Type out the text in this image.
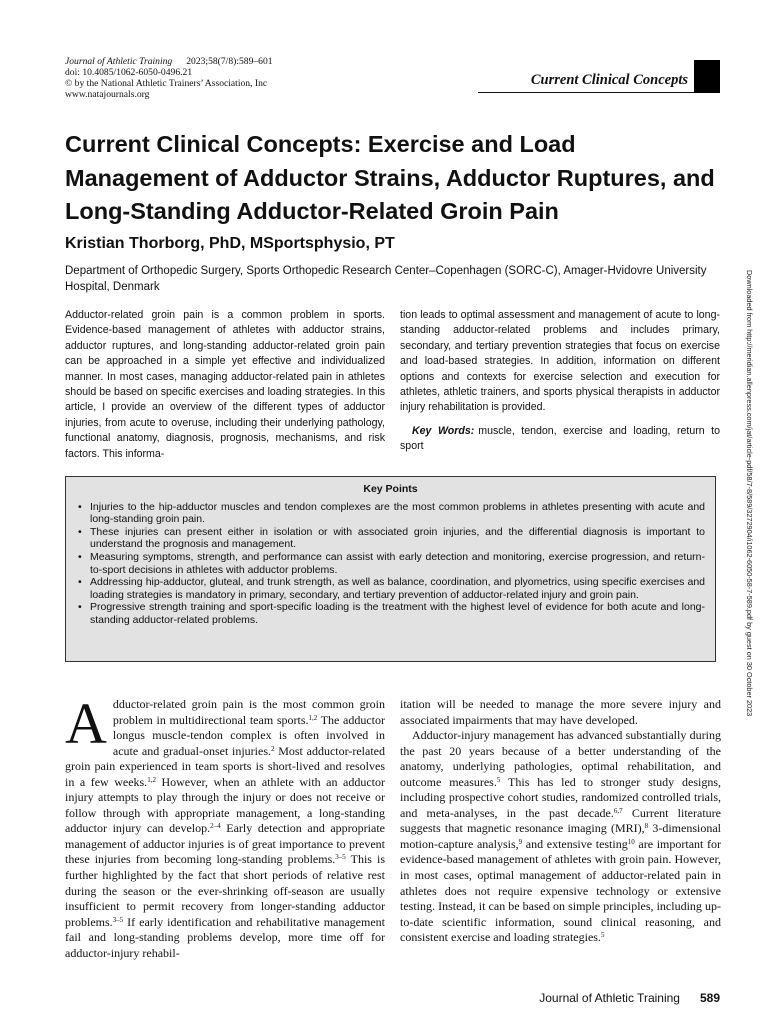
Journal of Athletic Training 2023;58(7/8):589–601
doi: 10.4085/1062-6050-0496.21
© by the National Athletic Trainers’ Association, Inc
www.natajournals.org
Current Clinical Concepts
Current Clinical Concepts: Exercise and Load Management of Adductor Strains, Adductor Ruptures, and Long-Standing Adductor-Related Groin Pain
Kristian Thorborg, PhD, MSportsphysio, PT
Department of Orthopedic Surgery, Sports Orthopedic Research Center–Copenhagen (SORC-C), Amager-Hvidovre University Hospital, Denmark	Downloaded from http://meridian.allenpress.com/jat/article-pdf/58/7-8/589/3272904/i1062-6050-58-7-589.pdf by guest on 30 October 2023
Adductor-related groin pain is a common problem in sports. Evidence-based management of athletes with adductor strains, adductor ruptures, and long-standing adductor-related groin pain can be approached in a simple yet effective and individualized manner. In most cases, managing adductor-related pain in athletes should be based on specific exercises and loading strategies. In this article, I provide an overview of the different types of adductor injuries, from acute to overuse, including their underlying pathology, functional anatomy, diagnosis, prognosis, mechanisms, and risk factors. This informa-
tion leads to optimal assessment and management of acute to long-standing adductor-related problems and includes primary, secondary, and tertiary prevention strategies that focus on exercise and load-based strategies. In addition, information on different options and contexts for exercise selection and execution for athletes, athletic trainers, and sports physical therapists in adductor injury rehabilitation is provided.
Key Words: muscle, tendon, exercise and loading, return to sport
Key Points
• Injuries to the hip-adductor muscles and tendon complexes are the most common problems in athletes presenting with acute and long-standing groin pain.
• These injuries can present either in isolation or with associated groin injuries, and the differential diagnosis is important to understand the prognosis and management.
• Measuring symptoms, strength, and performance can assist with early detection and monitoring, exercise progression, and return-to-sport decisions in athletes with adductor problems.
• Addressing hip-adductor, gluteal, and trunk strength, as well as balance, coordination, and plyometrics, using specific exercises and loading strategies is mandatory in primary, secondary, and tertiary prevention of adductor-related injury and groin pain.
• Progressive strength training and sport-specific loading is the treatment with the highest level of evidence for both acute and long-standing adductor-related problems.

Adductor-related groin pain is the most common groin problem in multidirectional team sports.$^{1,2}$ The adductor longus muscle-tendon complex is often involved in acute and gradual-onset injuries.$^2$ Most adductor-related groin pain experienced in team sports is short-lived and resolves in a few weeks.$^{1,2}$ However, when an athlete with an adductor injury attempts to play through the injury or does not receive or follow through with appropriate management, a long-standing adductor injury can develop.$^{2-4}$ Early detection and appropriate management of adductor injuries is of great importance to prevent these injuries from becoming long-standing problems.$^{3-5}$ This is further highlighted by the fact that short periods of relative rest during the season or the ever-shrinking off-season are usually insufficient to permit recovery from longer-standing adductor problems.$^{3-5}$ If early identification and rehabilitative management fail and long-standing problems develop, more time off for adductor-injury rehabil-

itation will be needed to manage the more severe injury and associated impairments that may have developed.

Adductor-injury management has advanced substantially during the past 20 years because of a better understanding of the anatomy, underlying pathologies, optimal rehabilitation, and outcome measures.$^5$ This has led to stronger study designs, including prospective cohort studies, randomized controlled trials, and meta-analyses, in the past decade.$^{6,7}$ Current literature suggests that magnetic resonance imaging (MRI),$^8$ 3-dimensional motion-capture analysis,$^9$ and extensive testing$^{10}$ are important for evidence-based management of athletes with groin pain. However, in most cases, optimal management of adductor-related pain in athletes does not require expensive technology or extensive testing. Instead, it can be based on simple principles, including up-to-date scientific information, sound clinical reasoning, and consistent exercise and loading strategies.$^5$

Journal of Athletic Training 589
